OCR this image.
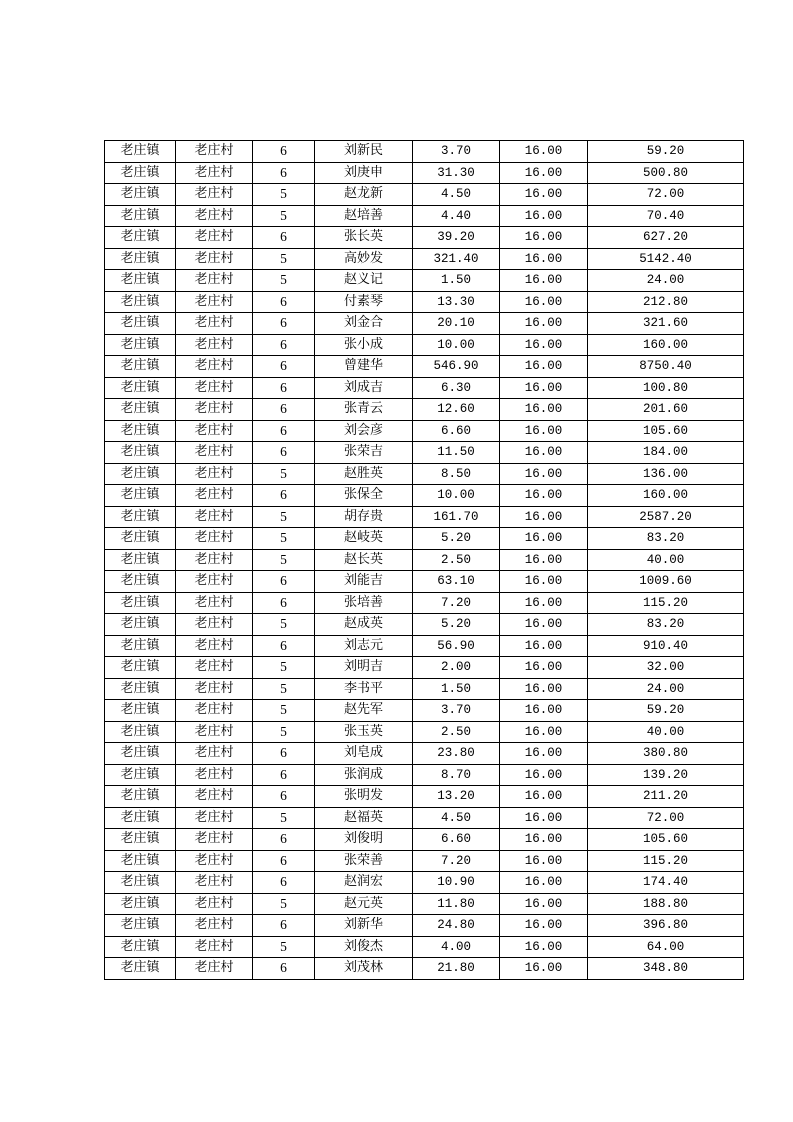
老庄镇	老庄村	6	刘新民	3.70	16.00	59.20
老庄镇	老庄村	6	刘庚申	31.30	16.00	500.80
老庄镇	老庄村	5	赵龙新	4.50	16.00	72.00
老庄镇	老庄村	5	赵培善	4.40	16.00	70.40
老庄镇	老庄村	6	张长英	39.20	16.00	627.20
老庄镇	老庄村	5	高妙发	321.40	16.00	5142.40
老庄镇	老庄村	5	赵义记	1.50	16.00	24.00
老庄镇	老庄村	6	付素琴	13.30	16.00	212.80
老庄镇	老庄村	6	刘金合	20.10	16.00	321.60
老庄镇	老庄村	6	张小成	10.00	16.00	160.00
老庄镇	老庄村	6	曾建华	546.90	16.00	8750.40
老庄镇	老庄村	6	刘成吉	6.30	16.00	100.80
老庄镇	老庄村	6	张青云	12.60	16.00	201.60
老庄镇	老庄村	6	刘会彦	6.60	16.00	105.60
老庄镇	老庄村	6	张荣吉	11.50	16.00	184.00
老庄镇	老庄村	5	赵胜英	8.50	16.00	136.00
老庄镇	老庄村	6	张保全	10.00	16.00	160.00
老庄镇	老庄村	5	胡存贵	161.70	16.00	2587.20
老庄镇	老庄村	5	赵岐英	5.20	16.00	83.20
老庄镇	老庄村	5	赵长英	2.50	16.00	40.00
老庄镇	老庄村	6	刘能吉	63.10	16.00	1009.60
老庄镇	老庄村	6	张培善	7.20	16.00	115.20
老庄镇	老庄村	5	赵成英	5.20	16.00	83.20
老庄镇	老庄村	6	刘志元	56.90	16.00	910.40
老庄镇	老庄村	5	刘明吉	2.00	16.00	32.00
老庄镇	老庄村	5	李书平	1.50	16.00	24.00
老庄镇	老庄村	5	赵先军	3.70	16.00	59.20
老庄镇	老庄村	5	张玉英	2.50	16.00	40.00
老庄镇	老庄村	6	刘皂成	23.80	16.00	380.80
老庄镇	老庄村	6	张润成	8.70	16.00	139.20
老庄镇	老庄村	6	张明发	13.20	16.00	211.20
老庄镇	老庄村	5	赵福英	4.50	16.00	72.00
老庄镇	老庄村	6	刘俊明	6.60	16.00	105.60
老庄镇	老庄村	6	张荣善	7.20	16.00	115.20
老庄镇	老庄村	6	赵润宏	10.90	16.00	174.40
老庄镇	老庄村	5	赵元英	11.80	16.00	188.80
老庄镇	老庄村	6	刘新华	24.80	16.00	396.80
老庄镇	老庄村	5	刘俊杰	4.00	16.00	64.00
老庄镇	老庄村	6	刘茂林	21.80	16.00	348.80
